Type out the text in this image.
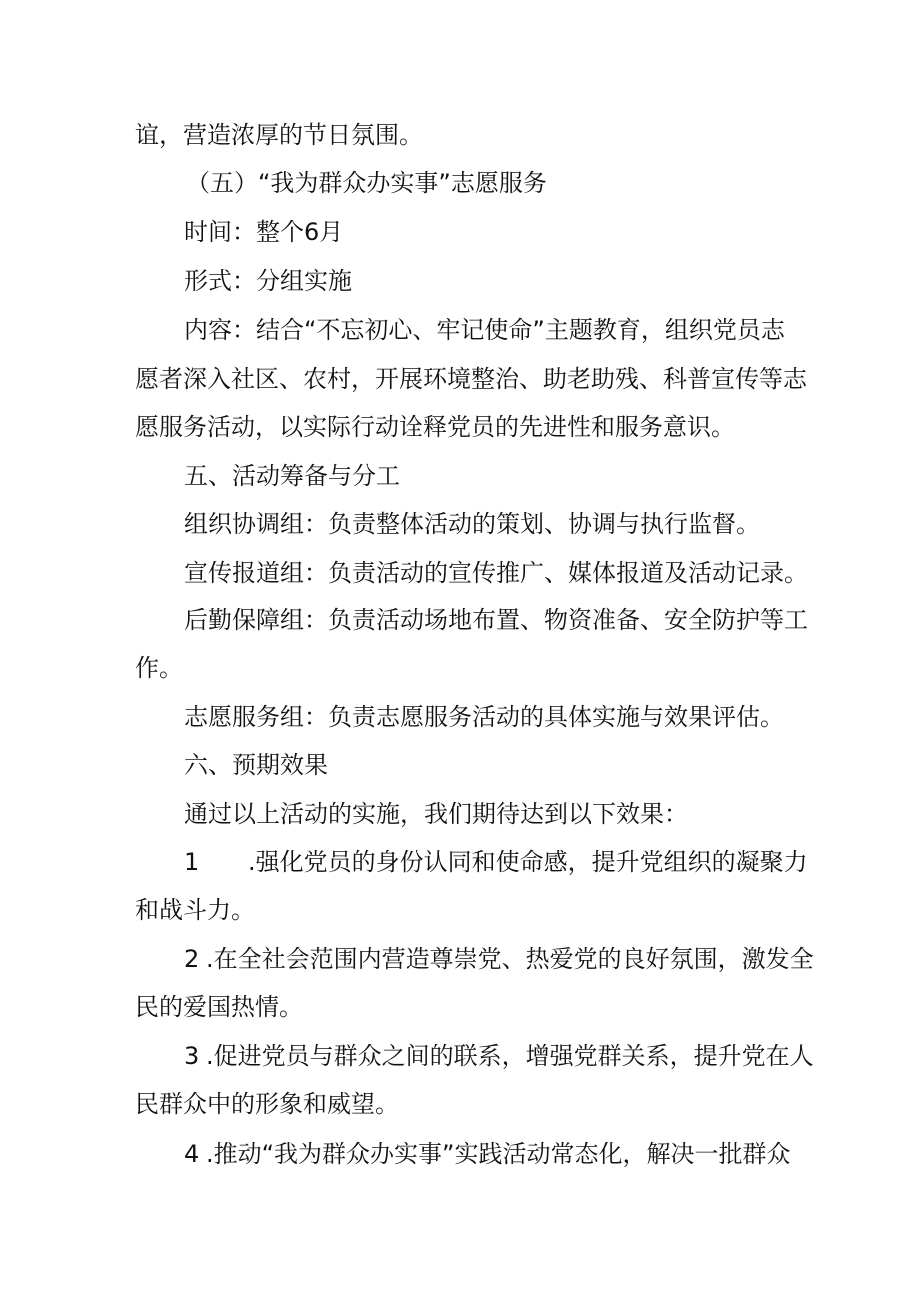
谊，营造浓厚的节日氛围。
（五）“我为群众办实事”志愿服务
时间：整个6月
形式：分组实施
内容：结合“不忘初心、牢记使命”主题教育，组织党员志
愿者深入社区、农村，开展环境整治、助老助残、科普宣传等志
愿服务活动，以实际行动诠释党员的先进性和服务意识。
五、活动筹备与分工
组织协调组：负责整体活动的策划、协调与执行监督。
宣传报道组：负责活动的宣传推广、媒体报道及活动记录。
后勤保障组：负责活动场地布置、物资准备、安全防护等工
作。
志愿服务组：负责志愿服务活动的具体实施与效果评估。
六、预期效果
通过以上活动的实施，我们期待达到以下效果：
1 .强化党员的身份认同和使命感，提升党组织的凝聚力
和战斗力。
2 .在全社会范围内营造尊崇党、热爱党的良好氛围，激发全
民的爱国热情。
3 .促进党员与群众之间的联系，增强党群关系，提升党在人
民群众中的形象和威望。
4 .推动“我为群众办实事”实践活动常态化，解决一批群众
